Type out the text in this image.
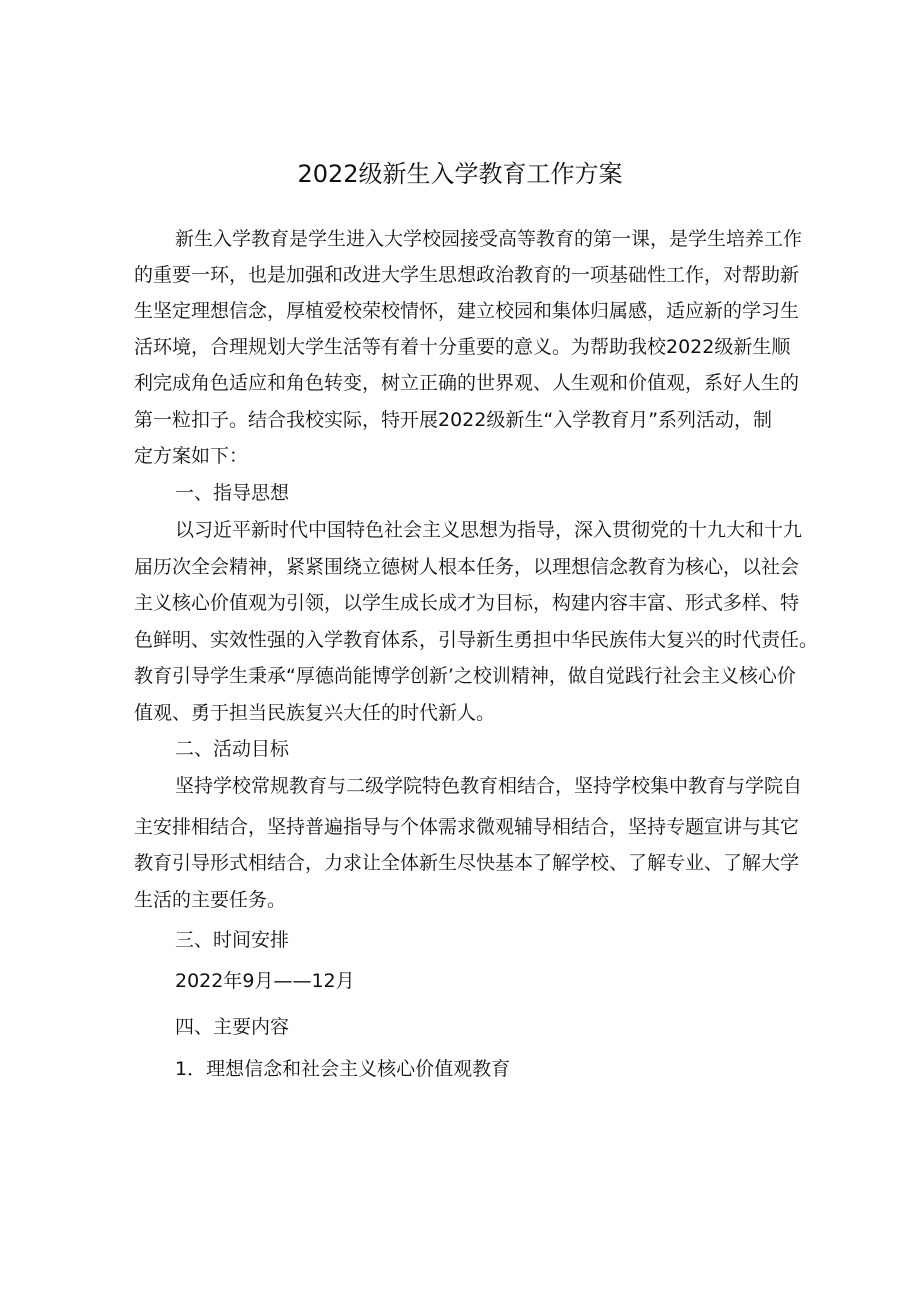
2022级新生入学教育工作方案
新生入学教育是学生进入大学校园接受高等教育的第一课，是学生培养工作
的重要一环，也是加强和改进大学生思想政治教育的一项基础性工作，对帮助新
生坚定理想信念，厚植爱校荣校情怀，建立校园和集体归属感，适应新的学习生
活环境，合理规划大学生活等有着十分重要的意义。为帮助我校2022级新生顺
利完成角色适应和角色转变，树立正确的世界观、人生观和价值观，系好人生的
第一粒扣子。结合我校实际，特开展2022级新生“入学教育月”系列活动，制
定方案如下：
一、指导思想
以习近平新时代中国特色社会主义思想为指导，深入贯彻党的十九大和十九
届历次全会精神，紧紧围绕立德树人根本任务，以理想信念教育为核心，以社会
主义核心价值观为引领，以学生成长成才为目标，构建内容丰富、形式多样、特
色鲜明、实效性强的入学教育体系，引导新生勇担中华民族伟大复兴的时代责任。
教育引导学生秉承“厚德尚能博学创新’之校训精神，做自觉践行社会主义核心价
值观、勇于担当民族复兴大任的时代新人。
二、活动目标
坚持学校常规教育与二级学院特色教育相结合，坚持学校集中教育与学院自
主安排相结合，坚持普遍指导与个体需求微观辅导相结合，坚持专题宣讲与其它
教育引导形式相结合，力求让全体新生尽快基本了解学校、了解专业、了解大学
生活的主要任务。
三、时间安排
2022年9月——12月
四、主要内容
1．理想信念和社会主义核心价值观教育
